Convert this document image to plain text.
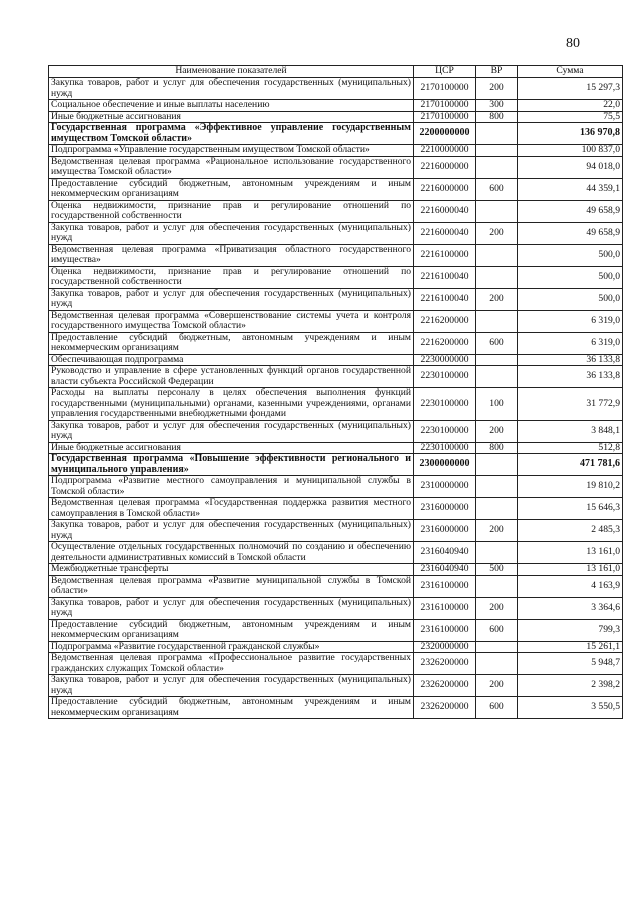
80
Наименование показателей	ЦСР	ВР	Сумма
Закупка товаров, работ и услуг для обеспечения государственных (муниципальных) нужд	2170100000	200	15 297,3
Социальное обеспечение и иные выплаты населению	2170100000	300	22,0
Иные бюджетные ассигнования	2170100000	800	75,5
Государственная программа «Эффективное управление государственным имуществом Томской области»	2200000000		136 970,8
Подпрограмма «Управление государственным имуществом Томской области»	2210000000		100 837,0
Ведомственная целевая программа «Рациональное использование государственного имущества Томской области»	2216000000		94 018,0
Предоставление субсидий бюджетным, автономным учреждениям и иным некоммерческим организациям	2216000000	600	44 359,1
Оценка недвижимости, признание прав и регулирование отношений по государственной собственности	2216000040		49 658,9
Закупка товаров, работ и услуг для обеспечения государственных (муниципальных) нужд	2216000040	200	49 658,9
Ведомственная целевая программа «Приватизация областного государственного имущества»	2216100000		500,0
Оценка недвижимости, признание прав и регулирование отношений по государственной собственности	2216100040		500,0
Закупка товаров, работ и услуг для обеспечения государственных (муниципальных) нужд	2216100040	200	500,0
Ведомственная целевая программа «Совершенствование системы учета и контроля государственного имущества Томской области»	2216200000		6 319,0
Предоставление субсидий бюджетным, автономным учреждениям и иным некоммерческим организациям	2216200000	600	6 319,0
Обеспечивающая подпрограмма	2230000000		36 133,8
Руководство и управление в сфере установленных функций органов государственной власти субъекта Российской Федерации	2230100000		36 133,8
Расходы на выплаты персоналу в целях обеспечения выполнения функций государственными (муниципальными) органами, казенными учреждениями, органами управления государственными внебюджетными фондами	2230100000	100	31 772,9
Закупка товаров, работ и услуг для обеспечения государственных (муниципальных) нужд	2230100000	200	3 848,1
Иные бюджетные ассигнования	2230100000	800	512,8
Государственная программа «Повышение эффективности регионального и муниципального управления»	2300000000		471 781,6
Подпрограмма «Развитие местного самоуправления и муниципальной службы в Томской области»	2310000000		19 810,2
Ведомственная целевая программа «Государственная поддержка развития местного самоуправления в Томской области»	2316000000		15 646,3
Закупка товаров, работ и услуг для обеспечения государственных (муниципальных) нужд	2316000000	200	2 485,3
Осуществление отдельных государственных полномочий по созданию и обеспечению деятельности административных комиссий в Томской области	2316040940		13 161,0
Межбюджетные трансферты	2316040940	500	13 161,0
Ведомственная целевая программа «Развитие муниципальной службы в Томской области»	2316100000		4 163,9
Закупка товаров, работ и услуг для обеспечения государственных (муниципальных) нужд	2316100000	200	3 364,6
Предоставление субсидий бюджетным, автономным учреждениям и иным некоммерческим организациям	2316100000	600	799,3
Подпрограмма «Развитие государственной гражданской службы»	2320000000		15 261,1
Ведомственная целевая программа «Профессиональное развитие государственных гражданских служащих Томской области»	2326200000		5 948,7
Закупка товаров, работ и услуг для обеспечения государственных (муниципальных) нужд	2326200000	200	2 398,2
Предоставление субсидий бюджетным, автономным учреждениям и иным некоммерческим организациям	2326200000	600	3 550,5
